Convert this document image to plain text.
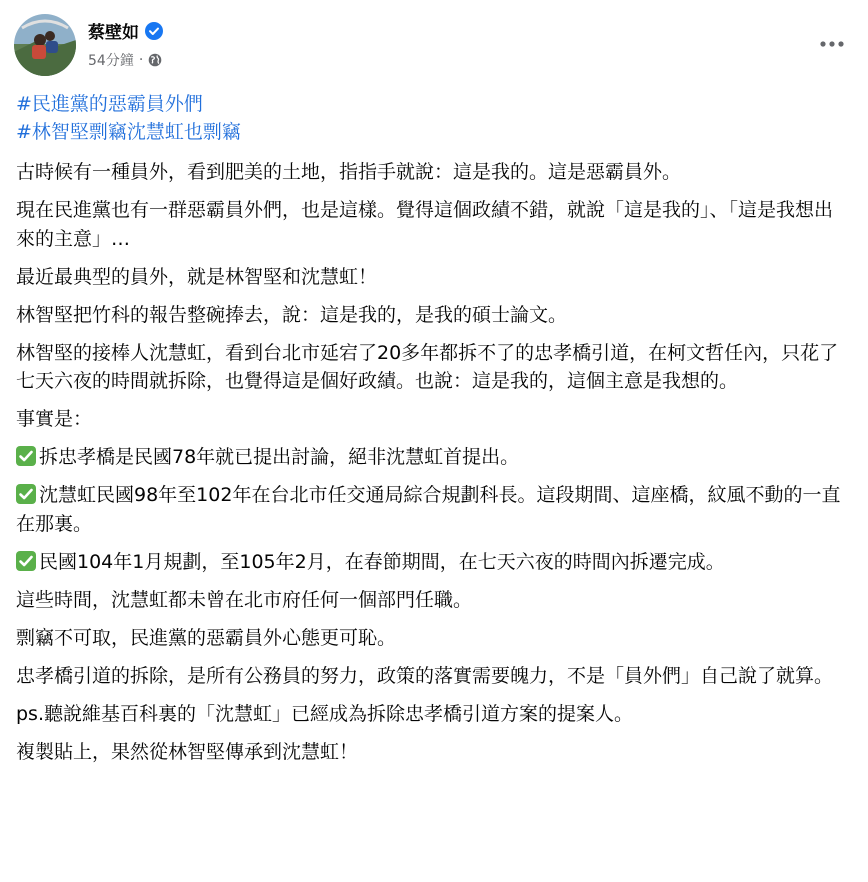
蔡壁如
54分鐘 ·
#民進黨的惡霸員外們
#林智堅剽竊沈慧虹也剽竊

古時候有一種員外，看到肥美的土地，指指手就說：這是我的。這是惡霸員外。

現在民進黨也有一群惡霸員外們，也是這樣。覺得這個政績不錯，就說「這是我的」、「這是我想出來的主意」…

最近最典型的員外，就是林智堅和沈慧虹！

林智堅把竹科的報告整碗捧去，說：這是我的，是我的碩士論文。

林智堅的接棒人沈慧虹，看到台北市延宕了20多年都拆不了的忠孝橋引道，在柯文哲任內，只花了七天六夜的時間就拆除，也覺得這是個好政績。也說：這是我的，這個主意是我想的。

事實是：

拆忠孝橋是民國78年就已提出討論，絕非沈慧虹首提出。

沈慧虹民國98年至102年在台北市任交通局綜合規劃科長。這段期間、這座橋，紋風不動的一直在那裏。

民國104年1月規劃，至105年2月，在春節期間，在七天六夜的時間內拆遷完成。

這些時間，沈慧虹都未曾在北市府任何一個部門任職。

剽竊不可取，民進黨的惡霸員外心態更可恥。

忠孝橋引道的拆除，是所有公務員的努力，政策的落實需要魄力，不是「員外們」自己說了就算。

ps.聽說維基百科裏的「沈慧虹」已經成為拆除忠孝橋引道方案的提案人。

複製貼上，果然從林智堅傳承到沈慧虹！
